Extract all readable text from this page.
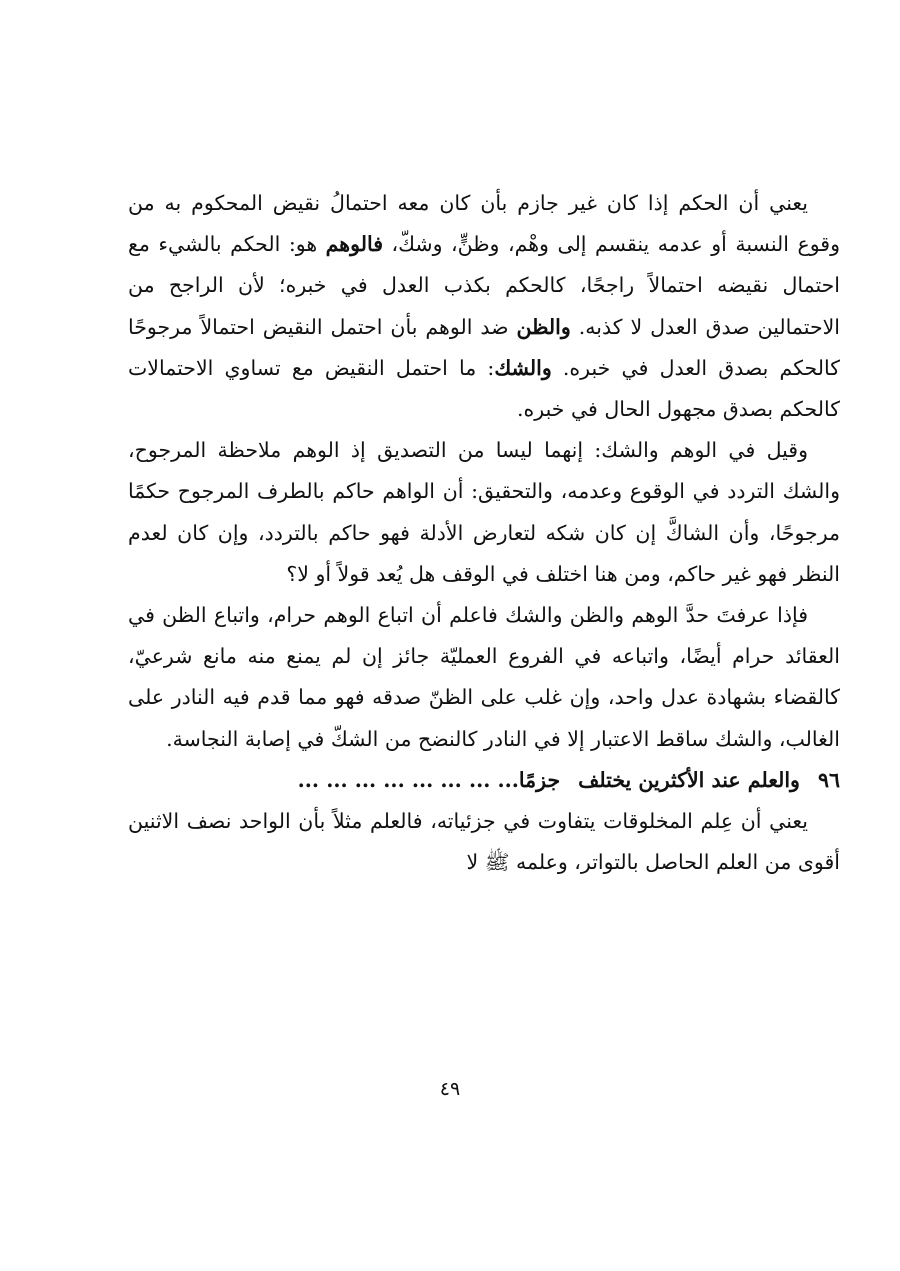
يعني أن الحكم إذا كان غير جازم بأن كان معه احتمالُ نقيض المحكوم به من وقوع النسبة أو عدمه ينقسم إلى وهْم، وظنٍّ، وشكّ، فالوهم هو: الحكم بالشيء مع احتمال نقيضه احتمالاً راجحًا، كالحكم بكذب العدل في خبره؛ لأن الراجح من الاحتمالين صدق العدل لا كذبه. والظن ضد الوهم بأن احتمل النقيض احتمالاً مرجوحًا كالحكم بصدق العدل في خبره. والشك: ما احتمل النقيض مع تساوي الاحتمالات كالحكم بصدق مجهول الحال في خبره.

وقيل في الوهم والشك: إنهما ليسا من التصديق إذ الوهم ملاحظة المرجوح، والشك التردد في الوقوع وعدمه، والتحقيق: أن الواهم حاكم بالطرف المرجوح حكمًا مرجوحًا، وأن الشاكَّ إن كان شكه لتعارض الأدلة فهو حاكم بالتردد، وإن كان لعدم النظر فهو غير حاكم، ومن هنا اختلف في الوقف هل يُعد قولاً أو لا؟

فإذا عرفتَ حدَّ الوهم والظن والشك فاعلم أن اتباع الوهم حرام، واتباع الظن في العقائد حرام أيضًا، واتباعه في الفروع العمليّة جائز إن لم يمنع منه مانع شرعيّ، كالقضاء بشهادة عدل واحد، وإن غلب على الظنّ صدقه فهو مما قدم فيه النادر على الغالب، والشك ساقط الاعتبار إلا في النادر كالنضح من الشكّ في إصابة النجاسة.

٩٦والعلم عند الأكثرين يختلفجزمًا... ... ... ... ... ... ... ...

يعني أن عِلم المخلوقات يتفاوت في جزئياته، فالعلم مثلاً بأن الواحد نصف الاثنين أقوى من العلم الحاصل بالتواتر، وعلمه ﷺ لا

٤٩
